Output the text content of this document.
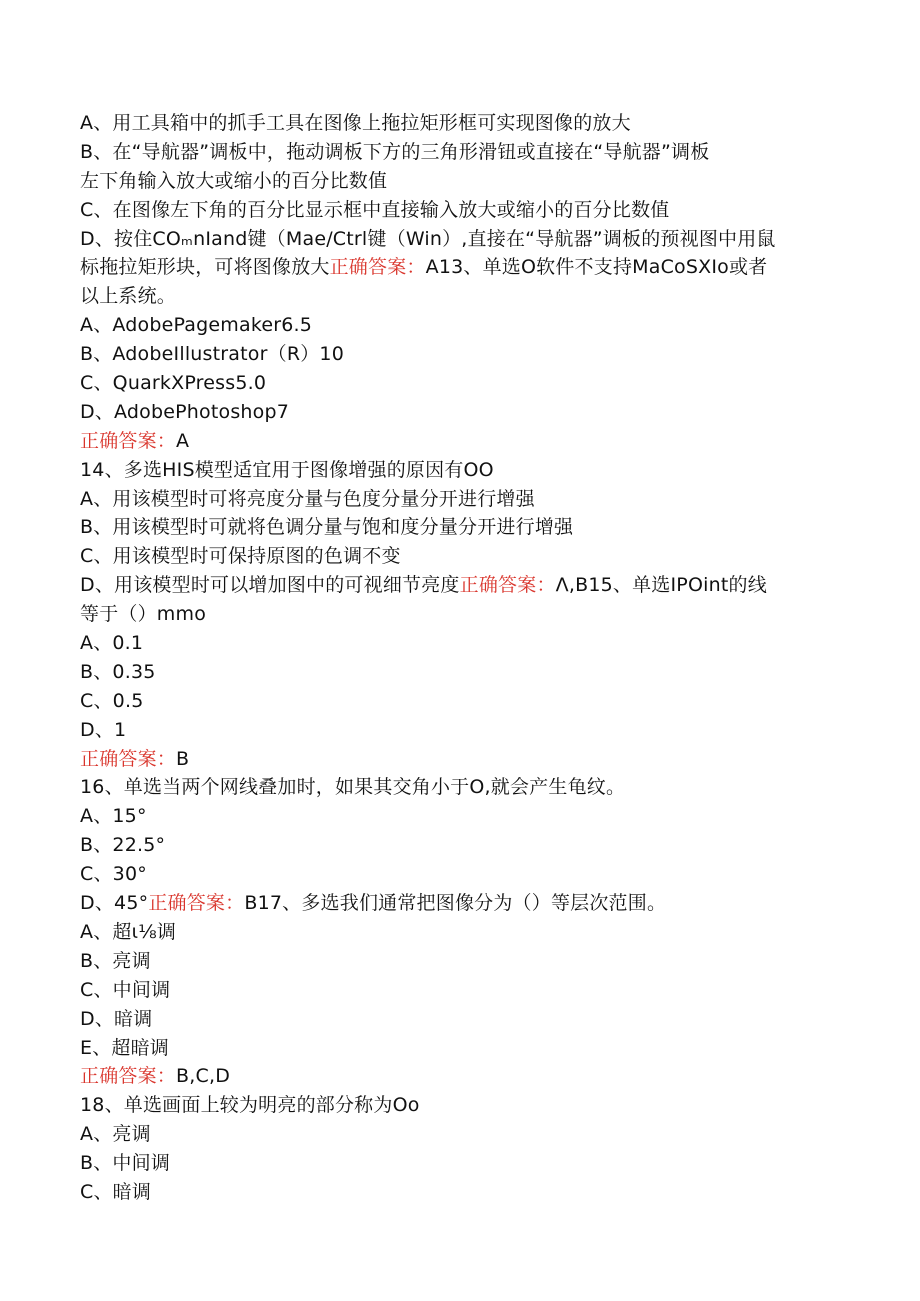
A、用工具箱中的抓手工具在图像上拖拉矩形框可实现图像的放大
B、在“导航器”调板中，拖动调板下方的三角形滑钮或直接在“导航器”调板
左下角输入放大或缩小的百分比数值
C、在图像左下角的百分比显示框中直接输入放大或缩小的百分比数值
D、按住COₘnIand键（Mae/Ctrl键（Win）,直接在“导航器”调板的预视图中用鼠
标拖拉矩形块，可将图像放大正确答案：A13、单选O软件不支持MaCoSXIo或者
以上系统。
A、AdobePagemaker6.5
B、AdobeIllustrator（R）10
C、QuarkXPress5.0
D、AdobePhotoshop7
正确答案：A
14、多选HIS模型适宜用于图像增强的原因有OO
A、用该模型时可将亮度分量与色度分量分开进行增强
B、用该模型时可就将色调分量与饱和度分量分开进行增强
C、用该模型时可保持原图的色调不变
D、用该模型时可以增加图中的可视细节亮度正确答案：Λ,B15、单选IPOint的线
等于（）mmo
A、0.1
B、0.35
C、0.5
D、1
正确答案：B
16、单选当两个网线叠加时，如果其交角小于O,就会产生龟纹。
A、15°
B、22.5°
C、30°
D、45°正确答案：B17、多选我们通常把图像分为（）等层次范围。
A、超ι⅛调
B、亮调
C、中间调
D、暗调
E、超暗调
正确答案：B,C,D
18、单选画面上较为明亮的部分称为Oo
A、亮调
B、中间调
C、暗调
